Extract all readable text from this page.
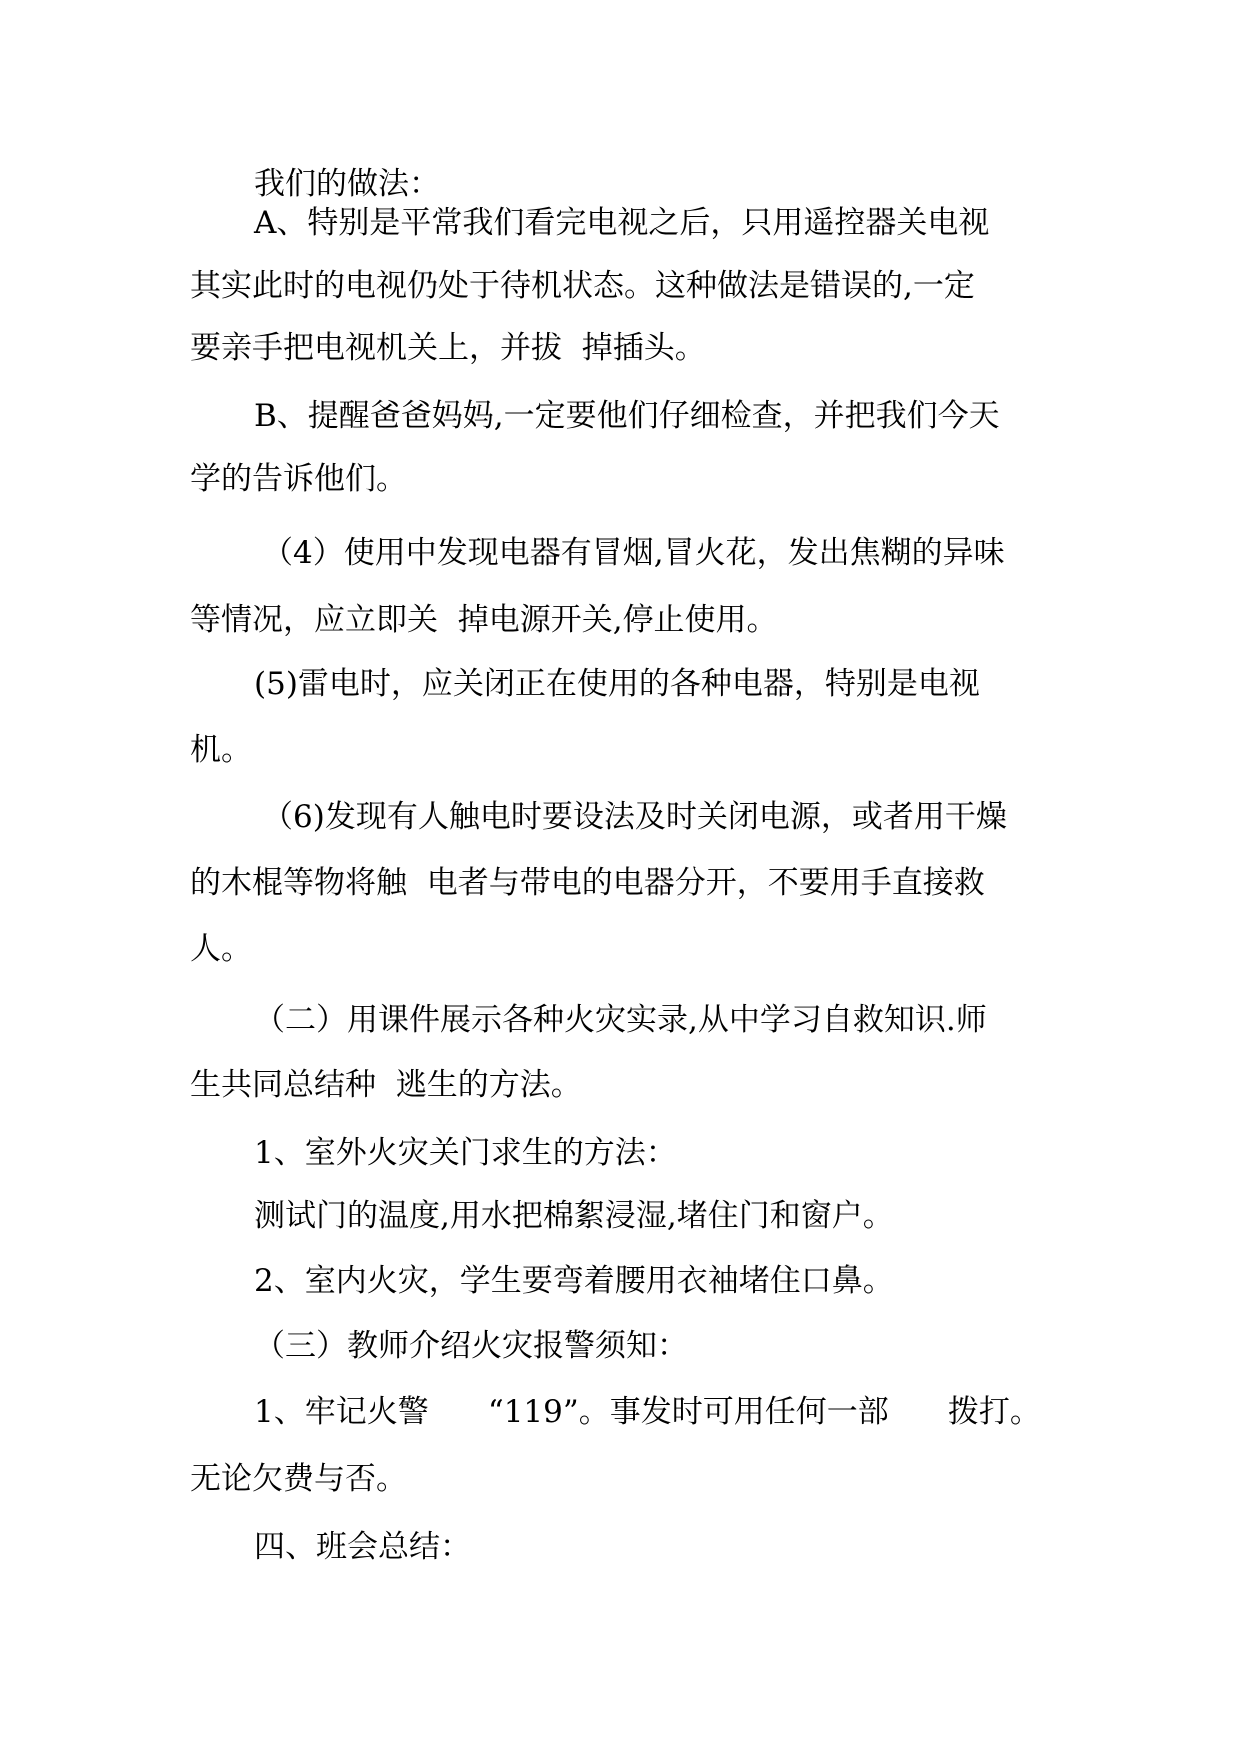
我们的做法：

A、特别是平常我们看完电视之后，只用遥控器关电视

其实此时的电视仍处于待机状态。这种做法是错误的,一定

要亲手把电视机关上，并拔  掉插头。

B、提醒爸爸妈妈,一定要他们仔细检查，并把我们今天

学的告诉他们。

（4）使用中发现电器有冒烟,冒火花，发出焦糊的异味

等情况，应立即关  掉电源开关,停止使用。

(5)雷电时，应关闭正在使用的各种电器，特别是电视

机。

（6)发现有人触电时要设法及时关闭电源，或者用干燥

的木棍等物将触  电者与带电的电器分开，不要用手直接救

人。

（二）用课件展示各种火灾实录,从中学习自救知识.师

生共同总结种  逃生的方法。

1、室外火灾关门求生的方法：

测试门的温度,用水把棉絮浸湿,堵住门和窗户。

2、室内火灾，学生要弯着腰用衣袖堵住口鼻。

（三）教师介绍火灾报警须知：

1、牢记火警      “119”。事发时可用任何一部      拨打。

无论欠费与否。

四、班会总结：
